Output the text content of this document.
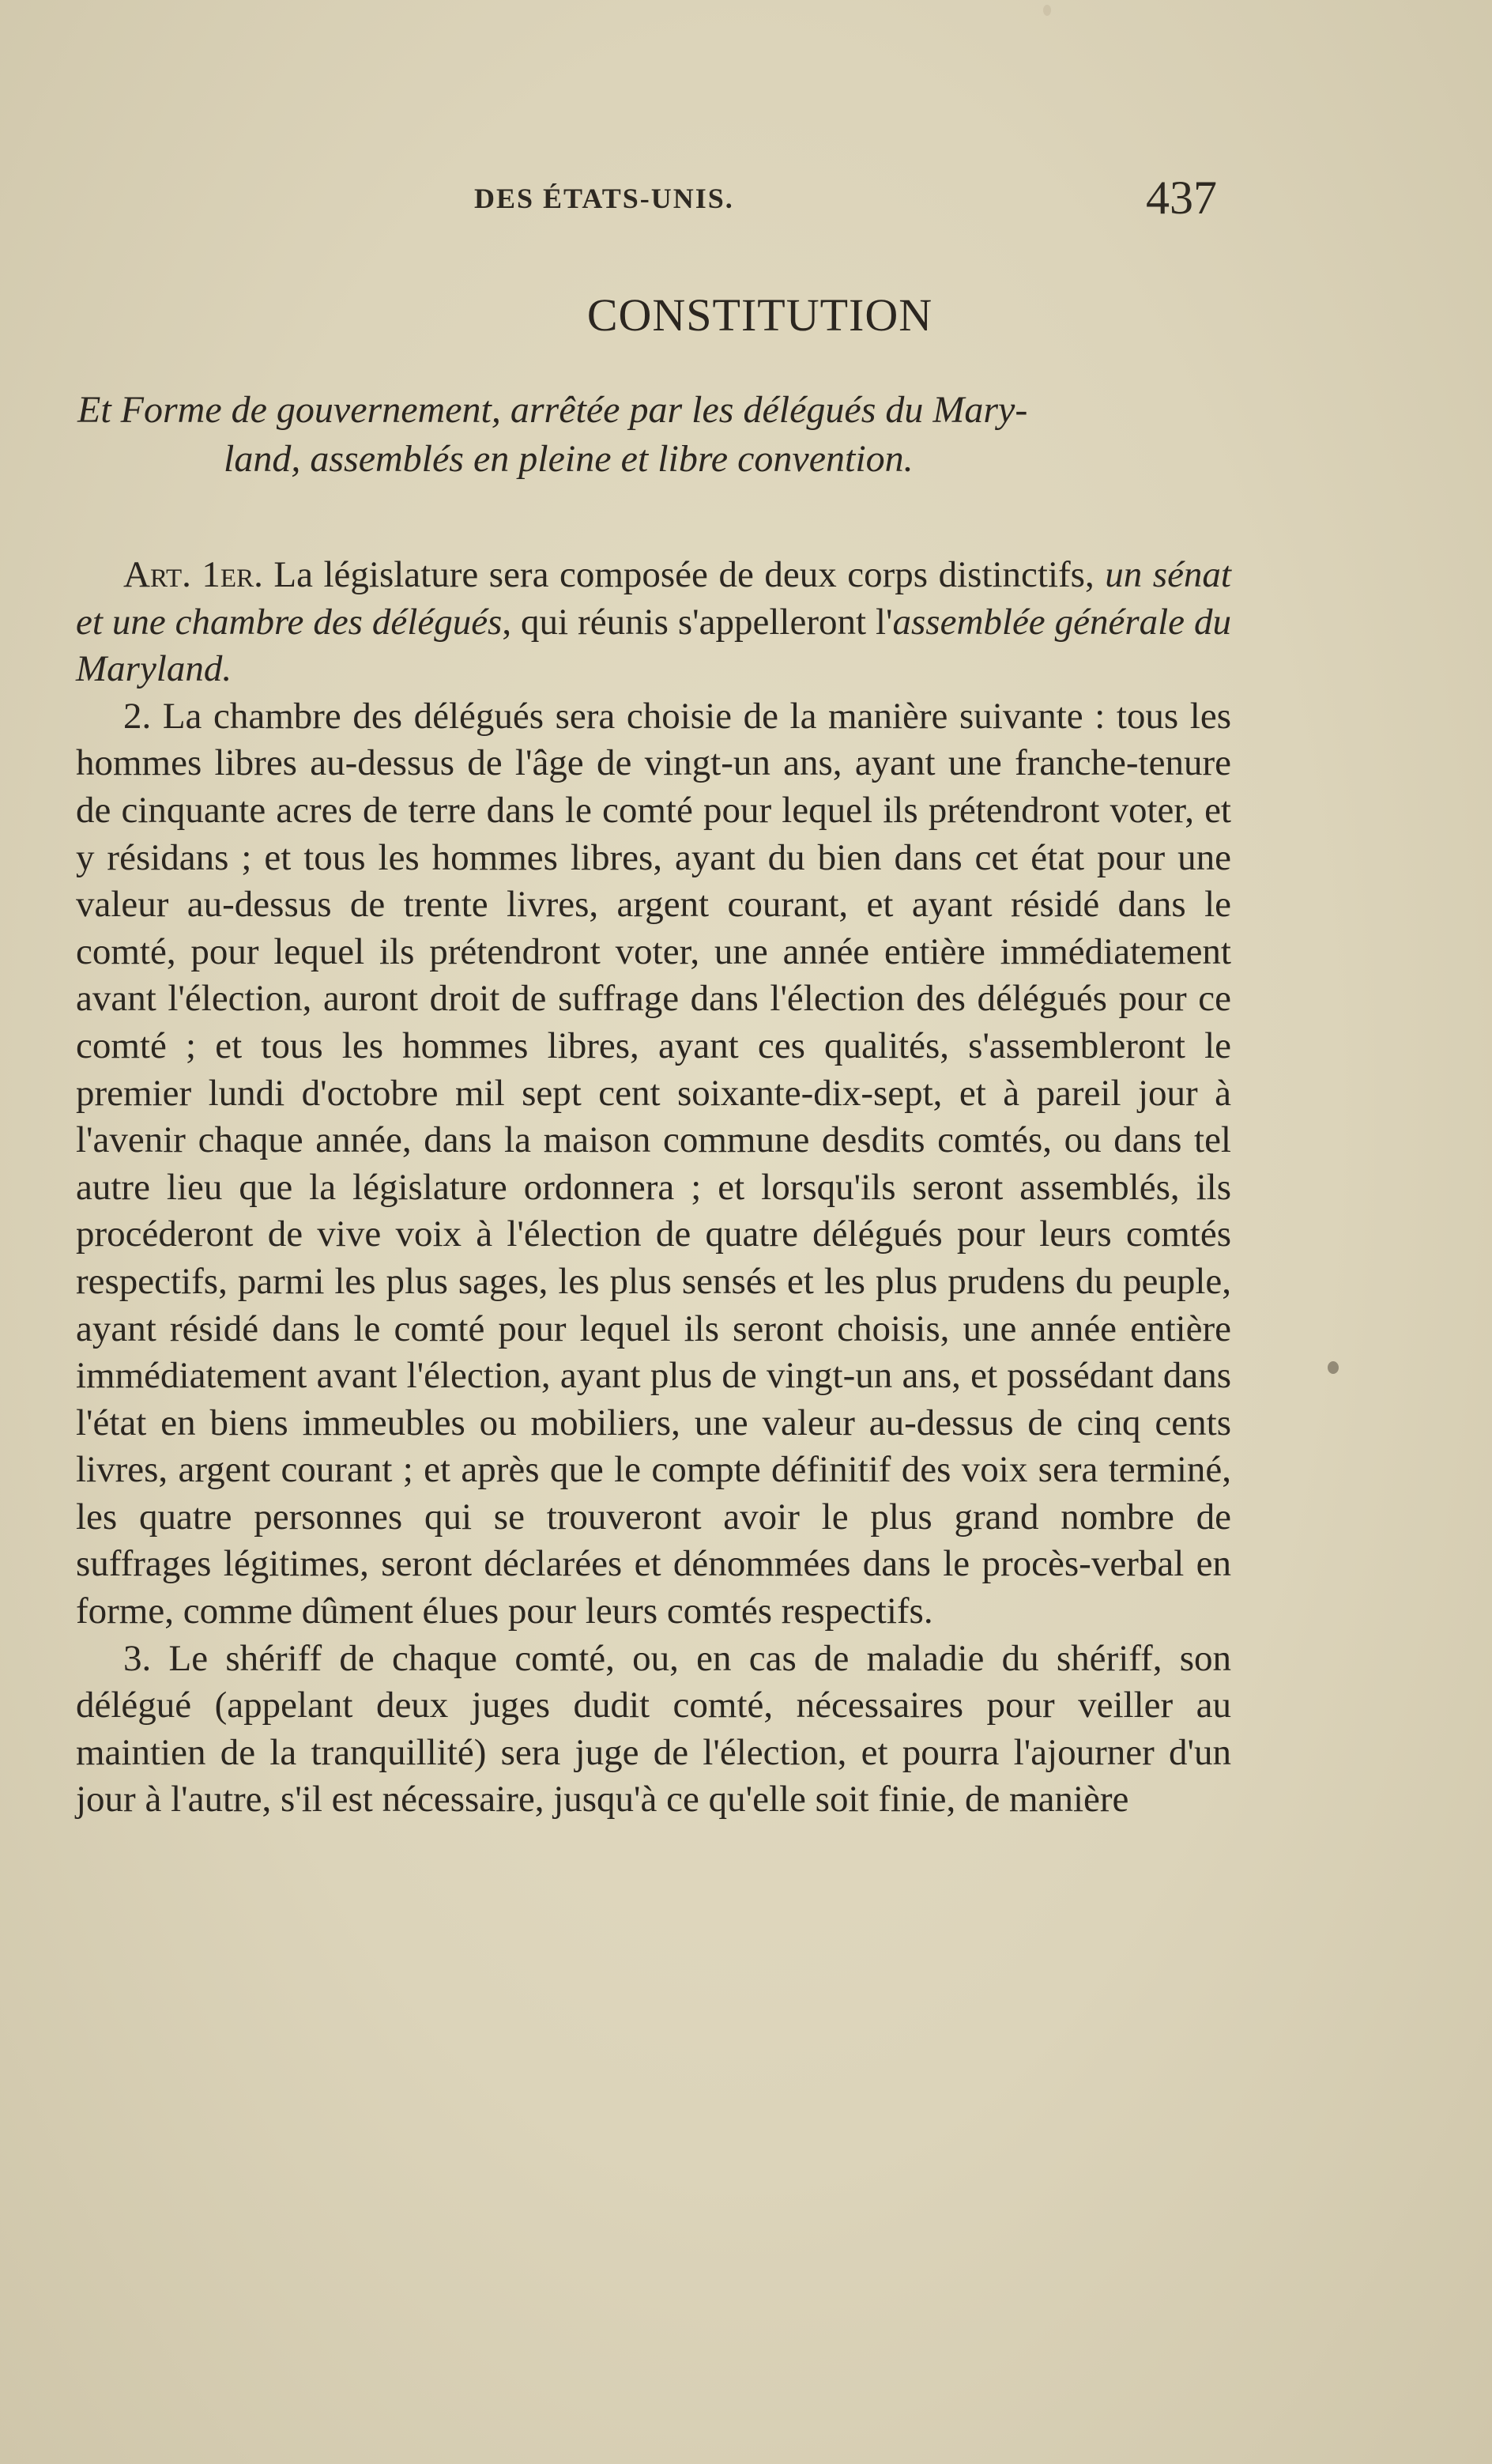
DES ÉTATS-UNIS.	437
CONSTITUTION
Et Forme de gouvernement, arrêtée par les délégués du Mary-
land, assemblés en pleine et libre convention.

Art. 1er. La législature sera composée de deux corps distinctifs, un sénat et une chambre des délégués, qui réunis s'appelleront l'assemblée générale du Maryland.

2. La chambre des délégués sera choisie de la manière suivante : tous les hommes libres au-dessus de l'âge de vingt-un ans, ayant une franche-tenure de cinquante acres de terre dans le comté pour lequel ils prétendront voter, et y résidans ; et tous les hommes libres, ayant du bien dans cet état pour une valeur au-dessus de trente livres, argent courant, et ayant résidé dans le comté, pour lequel ils prétendront voter, une année entière immédiatement avant l'élection, auront droit de suffrage dans l'élection des délégués pour ce comté ; et tous les hommes libres, ayant ces qualités, s'assembleront le premier lundi d'octobre mil sept cent soixante-dix-sept, et à pareil jour à l'avenir chaque année, dans la maison commune desdits comtés, ou dans tel autre lieu que la législature ordonnera ; et lorsqu'ils seront assemblés, ils procéderont de vive voix à l'élection de quatre délégués pour leurs comtés respectifs, parmi les plus sages, les plus sensés et les plus prudens du peuple, ayant résidé dans le comté pour lequel ils seront choisis, une année entière immédiatement avant l'élection, ayant plus de vingt-un ans, et possédant dans l'état en biens immeubles ou mobiliers, une valeur au-dessus de cinq cents livres, argent courant ; et après que le compte définitif des voix sera terminé, les quatre personnes qui se trouveront avoir le plus grand nombre de suffrages légitimes, seront déclarées et dénommées dans le procès-verbal en forme, comme dûment élues pour leurs comtés respectifs.

3. Le shériff de chaque comté, ou, en cas de maladie du shériff, son délégué (appelant deux juges dudit comté, nécessaires pour veiller au maintien de la tranquillité) sera juge de l'élection, et pourra l'ajourner d'un jour à l'autre, s'il est nécessaire, jusqu'à ce qu'elle soit finie, de manière
